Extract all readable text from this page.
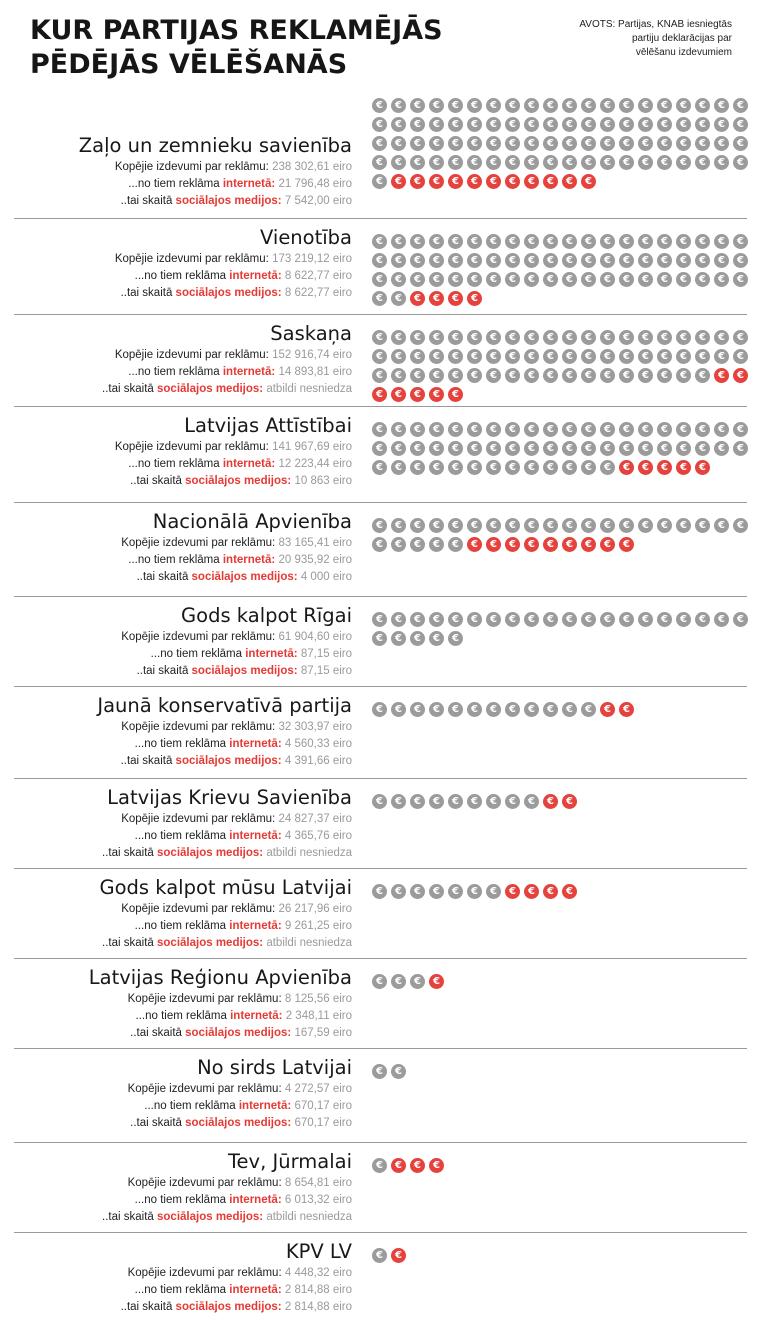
KUR PARTIJAS REKLAMĒJĀS
PĒDĒJĀS VĒLĒŠANĀS
AVOTS: Partijas, KNAB iesniegtās
partiju deklarācijas par
vēlēšanu izdevumiem
Zaļo un zemnieku savienība
Kopējie izdevumi par reklāmu: 238 302,61 eiro
...no tiem reklāma internetā: 21 796,48 eiro
..tai skaitā sociālajos medijos: 7 542,00 eiro
€ € € € € € € € € € € € € € € € € € € €€ € € € € € € € € € € € € € € € € € € €€ € € € € € € € € € € € € € € € € € € €€ € € € € € € € € € € € € € € € € € € €€ € € € € € € € € € € €
Vienotība
Kopējie izdevumi par reklāmu: 173 219,12 eiro
...no tiem reklāma internetā: 8 622,77 eiro
..tai skaitā sociālajos medijos: 8 622,77 eiro
€ € € € € € € € € € € € € € € € € € € €€ € € € € € € € € € € € € € € € € € € €€ € € € € € € € € € € € € € € € € € € €€ € € € € €
Saskaņa
Kopējie izdevumi par reklāmu: 152 916,74 eiro
...no tiem reklāma internetā: 14 893,81 eiro
..tai skaitā sociālajos medijos: atbildi nesniedza
€ € € € € € € € € € € € € € € € € € € €€ € € € € € € € € € € € € € € € € € € €€ € € € € € € € € € € € € € € € € € € €€ € € € €
Latvijas Attīstībai
Kopējie izdevumi par reklāmu: 141 967,69 eiro
...no tiem reklāma internetā: 12 223,44 eiro
..tai skaitā sociālajos medijos: 10 863 eiro
€ € € € € € € € € € € € € € € € € € € €€ € € € € € € € € € € € € € € € € € € €€ € € € € € € € € € € € € € € € € €
Nacionālā Apvienība
Kopējie izdevumi par reklāmu: 83 165,41 eiro
...no tiem reklāma internetā: 20 935,92 eiro
..tai skaitā sociālajos medijos: 4 000 eiro
€ € € € € € € € € € € € € € € € € € € €€ € € € € € € € € € € € € €
Gods kalpot Rīgai
Kopējie izdevumi par reklāmu: 61 904,60 eiro
...no tiem reklāma internetā: 87,15 eiro
..tai skaitā sociālajos medijos: 87,15 eiro
€ € € € € € € € € € € € € € € € € € € €€ € € € €
Jaunā konservatīvā partija
Kopējie izdevumi par reklāmu: 32 303,97 eiro
...no tiem reklāma internetā: 4 560,33 eiro
..tai skaitā sociālajos medijos: 4 391,66 eiro
€ € € € € € € € € € € € € €
Latvijas Krievu Savienība
Kopējie izdevumi par reklāmu: 24 827,37 eiro
...no tiem reklāma internetā: 4 365,76 eiro
..tai skaitā sociālajos medijos: atbildi nesniedza
€ € € € € € € € € € €
Gods kalpot mūsu Latvijai
Kopējie izdevumi par reklāmu: 26 217,96 eiro
...no tiem reklāma internetā: 9 261,25 eiro
..tai skaitā sociālajos medijos: atbildi nesniedza
€ € € € € € € € € € €
Latvijas Reģionu Apvienība
Kopējie izdevumi par reklāmu: 8 125,56 eiro
...no tiem reklāma internetā: 2 348,11 eiro
..tai skaitā sociālajos medijos: 167,59 eiro
€ € € €
No sirds Latvijai
Kopējie izdevumi par reklāmu: 4 272,57 eiro
...no tiem reklāma internetā: 670,17 eiro
..tai skaitā sociālajos medijos: 670,17 eiro
€ €
Tev, Jūrmalai
Kopējie izdevumi par reklāmu: 8 654,81 eiro
...no tiem reklāma internetā: 6 013,32 eiro
..tai skaitā sociālajos medijos: atbildi nesniedza
€ € € €
KPV LV
Kopējie izdevumi par reklāmu: 4 448,32 eiro
...no tiem reklāma internetā: 2 814,88 eiro
..tai skaitā sociālajos medijos: 2 814,88 eiro
€ €
